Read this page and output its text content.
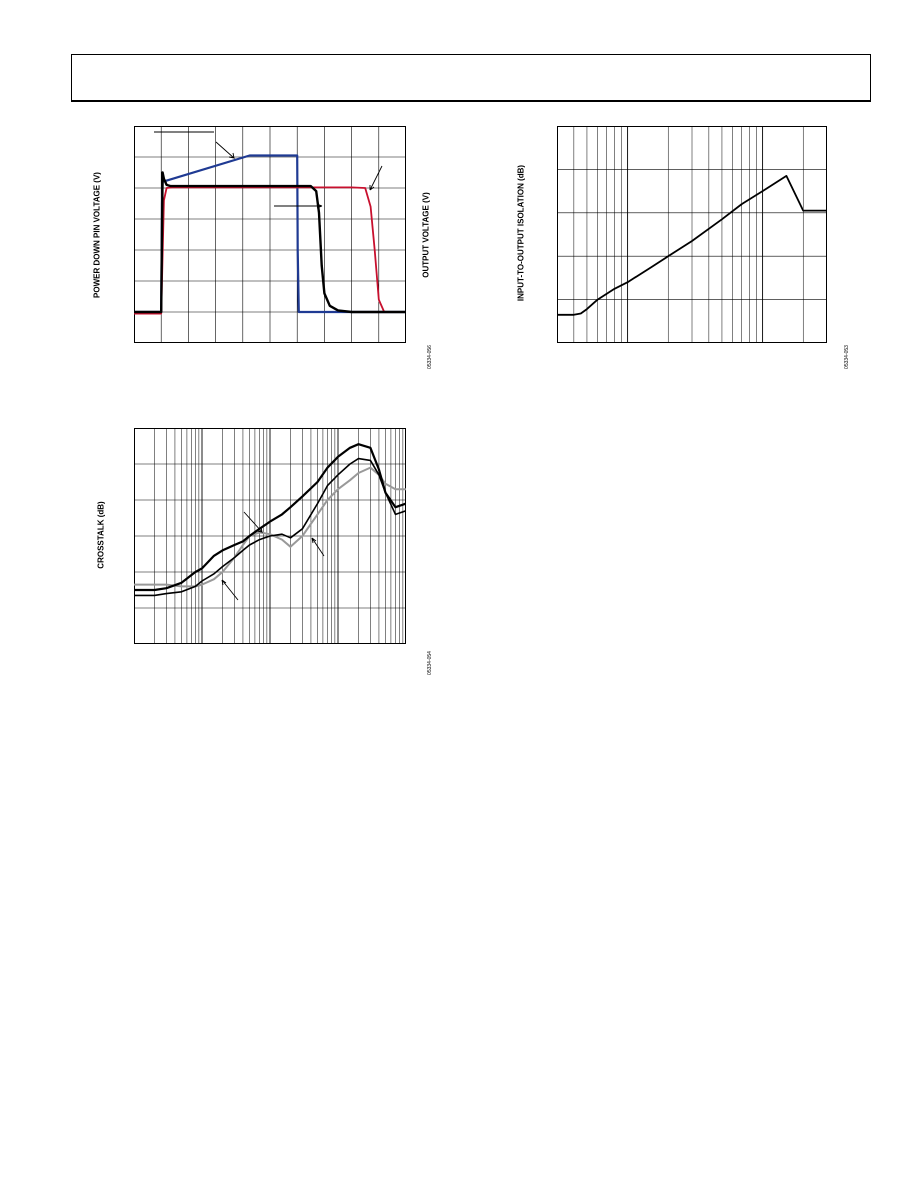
POWER DOWN PIN VOLTAGE (V)	OUTPUT VOLTAGE (V)
05334-056
INPUT-TO-OUTPUT ISOLATION (dB)
05334-053
CROSSTALK (dB)
05334-054
